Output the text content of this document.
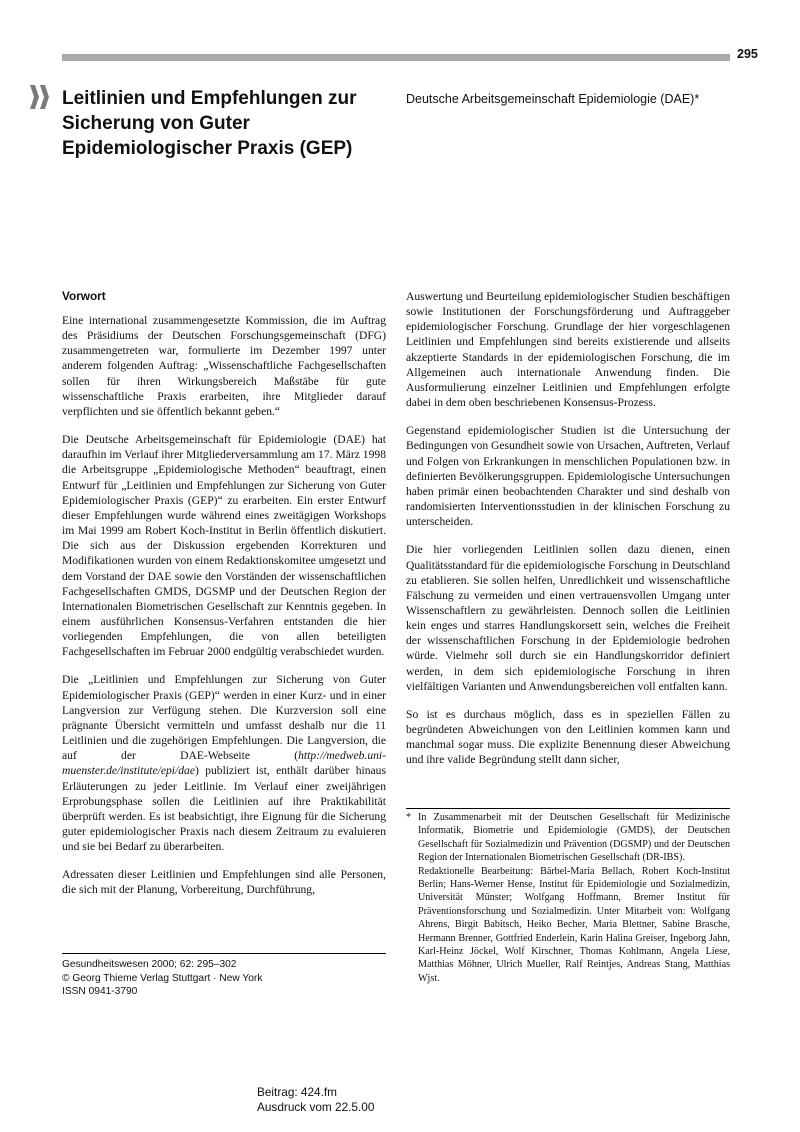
295
Leitlinien und Empfehlungen zur
Sicherung von Guter
Epidemiologischer Praxis (GEP)
Deutsche Arbeitsgemeinschaft Epidemiologie (DAE)*
Vorwort

Eine international zusammengesetzte Kommission, die im Auftrag des Präsidiums der Deutschen Forschungsgemeinschaft (DFG) zusammengetreten war, formulierte im Dezember 1997 unter anderem folgenden Auftrag: „Wissenschaftliche Fachgesellschaften sollen für ihren Wirkungsbereich Maßstäbe für gute wissenschaftliche Praxis erarbeiten, ihre Mitglieder darauf verpflichten und sie öffentlich bekannt geben.“

Die Deutsche Arbeitsgemeinschaft für Epidemiologie (DAE) hat daraufhin im Verlauf ihrer Mitgliederversammlung am 17. März 1998 die Arbeitsgruppe „Epidemiologische Methoden“ beauftragt, einen Entwurf für „Leitlinien und Empfehlungen zur Sicherung von Guter Epidemiologischer Praxis (GEP)“ zu erarbeiten. Ein erster Entwurf dieser Empfehlungen wurde während eines zweitägigen Workshops im Mai 1999 am Robert Koch-Institut in Berlin öffentlich diskutiert. Die sich aus der Diskussion ergebenden Korrekturen und Modifikationen wurden von einem Redaktionskomitee umgesetzt und dem Vorstand der DAE sowie den Vorständen der wissenschaftlichen Fachgesellschaften GMDS, DGSMP und der Deutschen Region der Internationalen Biometrischen Gesellschaft zur Kenntnis gegeben. In einem ausführlichen Konsensus-Verfahren entstanden die hier vorliegenden Empfehlungen, die von allen beteiligten Fachgesellschaften im Februar 2000 endgültig verabschiedet wurden.

Die „Leitlinien und Empfehlungen zur Sicherung von Guter Epidemiologischer Praxis (GEP)“ werden in einer Kurz- und in einer Langversion zur Verfügung stehen. Die Kurzversion soll eine prägnante Übersicht vermitteln und umfasst deshalb nur die 11 Leitlinien und die zugehörigen Empfehlungen. Die Langversion, die auf der DAE-Webseite (http://medweb.uni-muenster.de/institute/epi/dae) publiziert ist, enthält darüber hinaus Erläuterungen zu jeder Leitlinie. Im Verlauf einer zweijährigen Erprobungsphase sollen die Leitlinien auf ihre Praktikabilität überprüft werden. Es ist beabsichtigt, ihre Eignung für die Sicherung guter epidemiologischer Praxis nach diesem Zeitraum zu evaluieren und sie bei Bedarf zu überarbeiten.

Adressaten dieser Leitlinien und Empfehlungen sind alle Personen, die sich mit der Planung, Vorbereitung, Durchführung,

Auswertung und Beurteilung epidemiologischer Studien beschäftigen sowie Institutionen der Forschungsförderung und Auftraggeber epidemiologischer Forschung. Grundlage der hier vorgeschlagenen Leitlinien und Empfehlungen sind bereits existierende und allseits akzeptierte Standards in der epidemiologischen Forschung, die im Allgemeinen auch internationale Anwendung finden. Die Ausformulierung einzelner Leitlinien und Empfehlungen erfolgte dabei in dem oben beschriebenen Konsensus-Prozess.

Gegenstand epidemiologischer Studien ist die Untersuchung der Bedingungen von Gesundheit sowie von Ursachen, Auftreten, Verlauf und Folgen von Erkrankungen in menschlichen Populationen bzw. in definierten Bevölkerungsgruppen. Epidemiologische Untersuchungen haben primär einen beobachtenden Charakter und sind deshalb von randomisierten Interventionsstudien in der klinischen Forschung zu unterscheiden.

Die hier vorliegenden Leitlinien sollen dazu dienen, einen Qualitätsstandard für die epidemiologische Forschung in Deutschland zu etablieren. Sie sollen helfen, Unredlichkeit und wissenschaftliche Fälschung zu vermeiden und einen vertrauensvollen Umgang unter Wissenschaftlern zu gewährleisten. Dennoch sollen die Leitlinien kein enges und starres Handlungskorsett sein, welches die Freiheit der wissenschaftlichen Forschung in der Epidemiologie bedrohen würde. Vielmehr soll durch sie ein Handlungskorridor definiert werden, in dem sich epidemiologische Forschung in ihren vielfältigen Varianten und Anwendungsbereichen voll entfalten kann.

So ist es durchaus möglich, dass es in speziellen Fällen zu begründeten Abweichungen von den Leitlinien kommen kann und manchmal sogar muss. Die explizite Benennung dieser Abweichung und ihre valide Begründung stellt dann sicher,

* In Zusammenarbeit mit der Deutschen Gesellschaft für Medizinische Informatik, Biometrie und Epidemiologie (GMDS), der Deutschen Gesellschaft für Sozialmedizin und Prävention (DGSMP) und der Deutschen Region der Internationalen Biometrischen Gesellschaft (DR-IBS).

Redaktionelle Bearbeitung: Bärbel-Maria Bellach, Robert Koch-Institut Berlin; Hans-Werner Hense, Institut für Epidemiologie und Sozialmedizin, Universität Münster; Wolfgang Hoffmann, Bremer Institut für Präventionsforschung und Sozialmedizin. Unter Mitarbeit von: Wolfgang Ahrens, Birgit Babitsch, Heiko Becher, Maria Blettner, Sabine Brasche, Hermann Brenner, Gottfried Enderlein, Karin Halina Greiser, Ingeborg Jahn, Karl-Heinz Jöckel, Wolf Kirschner, Thomas Kohlmann, Angela Liese, Matthias Möhner, Ulrich Mueller, Ralf Reintjes, Andreas Stang, Matthias Wjst.

Gesundheitswesen 2000; 62: 295–302
© Georg Thieme Verlag Stuttgart · New York
ISSN 0941-3790
Beitrag: 424.fm
Ausdruck vom 22.5.00
